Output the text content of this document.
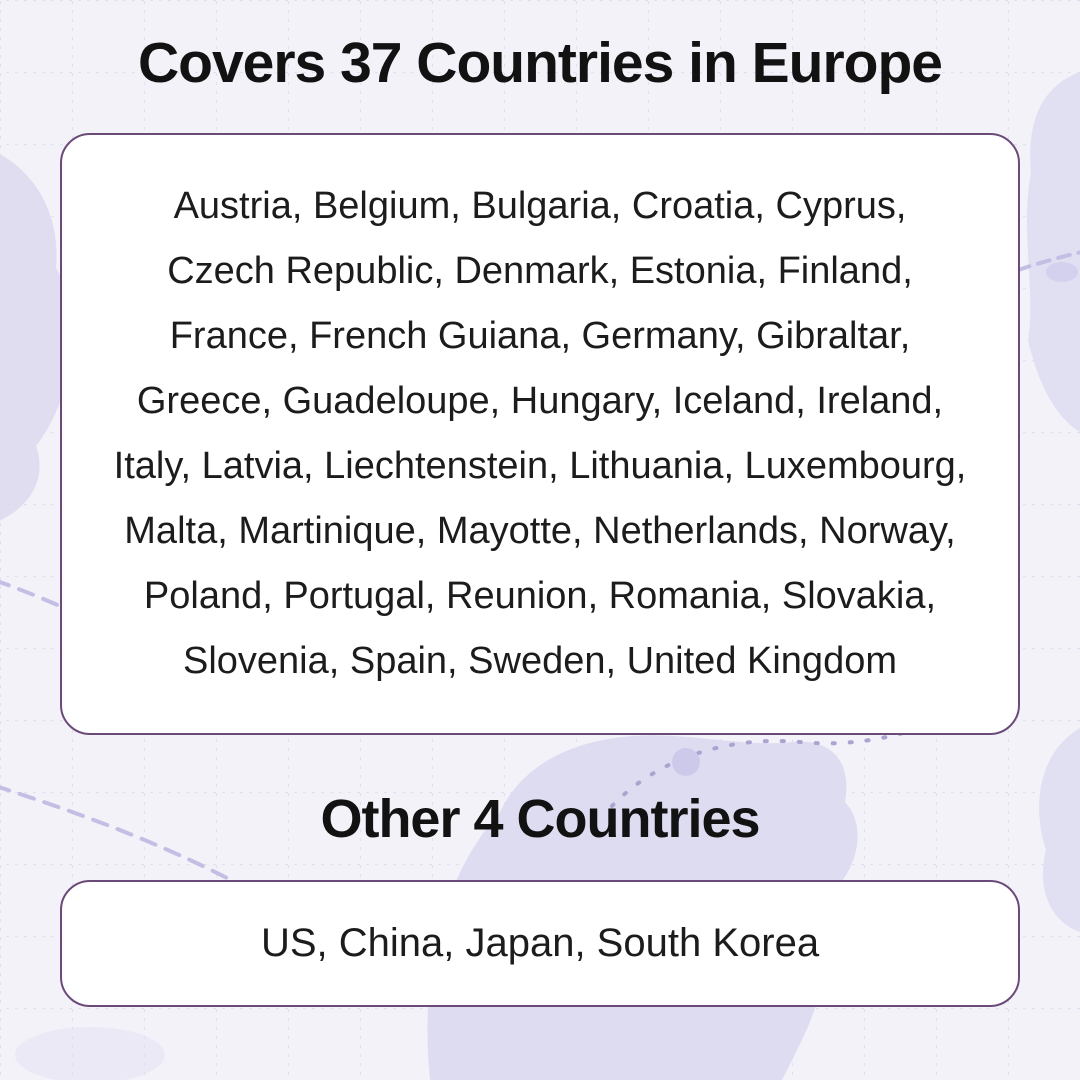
Covers 37 Countries in Europe
Austria, Belgium, Bulgaria, Croatia, Cyprus,
Czech Republic, Denmark, Estonia, Finland,
France, French Guiana, Germany, Gibraltar,
Greece, Guadeloupe, Hungary, Iceland, Ireland,
Italy, Latvia, Liechtenstein, Lithuania, Luxembourg,
Malta, Martinique, Mayotte, Netherlands, Norway,
Poland, Portugal, Reunion, Romania, Slovakia,
Slovenia, Spain, Sweden, United Kingdom
Other 4 Countries
US, China, Japan, South Korea
